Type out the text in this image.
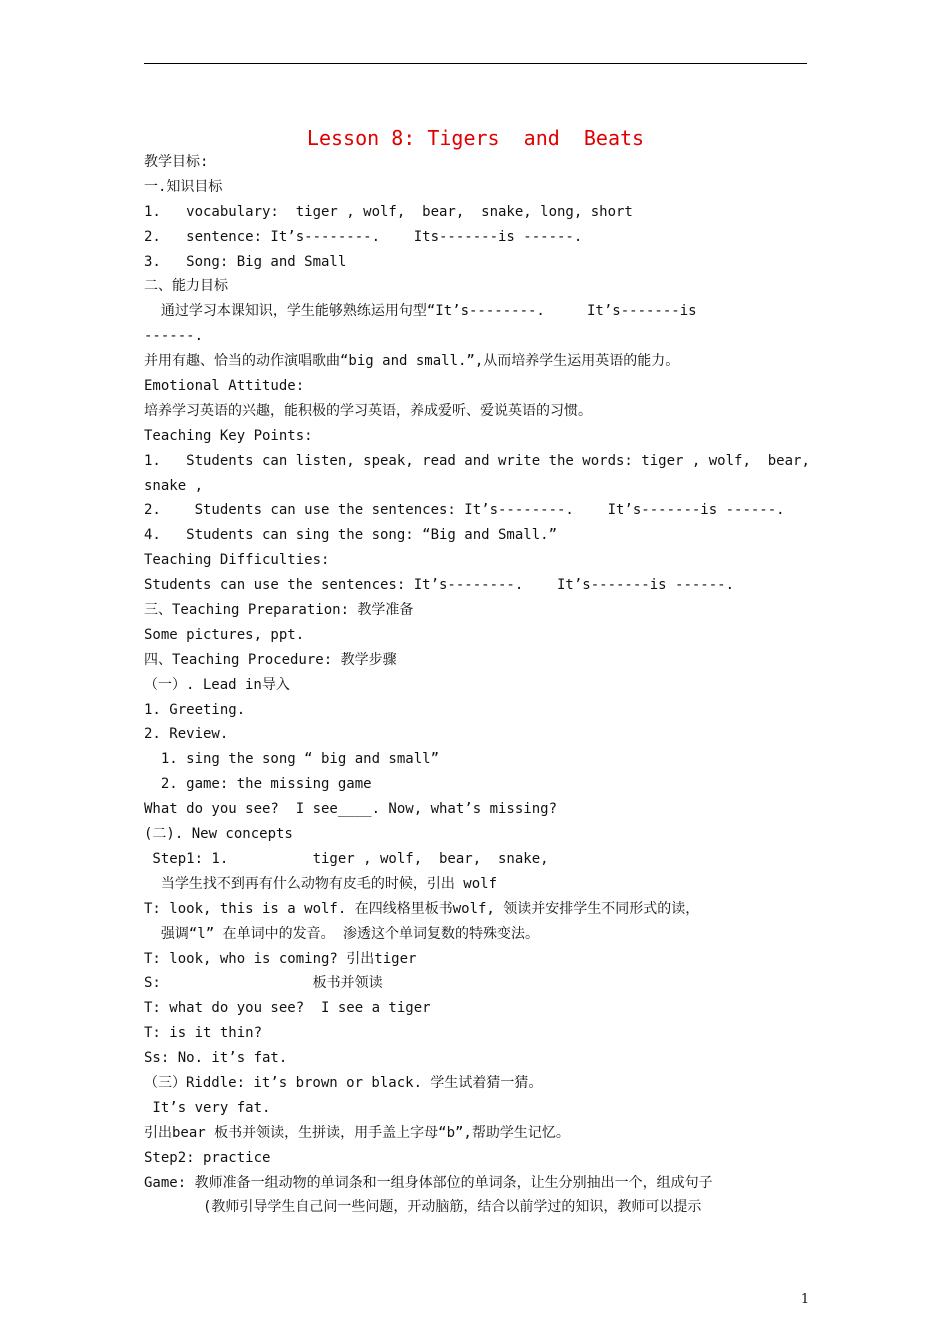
Lesson 8: Tigers  and  Beats
教学目标:
一.知识目标
1.   vocabulary:  tiger , wolf,  bear,  snake, long, short
2.   sentence: It’s--------.    Its-------is ------.
3.   Song: Big and Small
二、能力目标
通过学习本课知识，学生能够熟练运用句型“It’s--------.     It’s-------is
------.
并用有趣、恰当的动作演唱歌曲“big and small.”,从而培养学生运用英语的能力。
Emotional Attitude:
培养学习英语的兴趣，能积极的学习英语，养成爱听、爱说英语的习惯。
Teaching Key Points:
1.   Students can listen, speak, read and write the words: tiger , wolf,  bear,
snake ,
2.    Students can use the sentences: It’s--------.    It’s-------is ------.
4.   Students can sing the song: “Big and Small.”
Teaching Difficulties:
Students can use the sentences: It’s--------.    It’s-------is ------.
三、Teaching Preparation: 教学准备
Some pictures, ppt.
四、Teaching Procedure: 教学步骤
（一）. Lead in导入
1. Greeting.
2. Review.
1. sing the song “ big and small”
2. game: the missing game
What do you see?  I see____. Now, what’s missing?
(二). New concepts
Step1: 1.          tiger , wolf,  bear,  snake,
当学生找不到再有什么动物有皮毛的时候，引出 wolf
T: look, this is a wolf. 在四线格里板书wolf, 领读并安排学生不同形式的读，
强调“l” 在单词中的发音。 渗透这个单词复数的特殊变法。
T: look, who is coming? 引出tiger
S:                  板书并领读
T: what do you see?  I see a tiger
T: is it thin?
Ss: No. it’s fat.
（三）Riddle: it’s brown or black. 学生试着猜一猜。
It’s very fat.
引出bear 板书并领读，生拼读，用手盖上字母“b”,帮助学生记忆。
Step2: practice
Game: 教师准备一组动物的单词条和一组身体部位的单词条，让生分别抽出一个，组成句子
(教师引导学生自己问一些问题，开动脑筋，结合以前学过的知识，教师可以提示
1
